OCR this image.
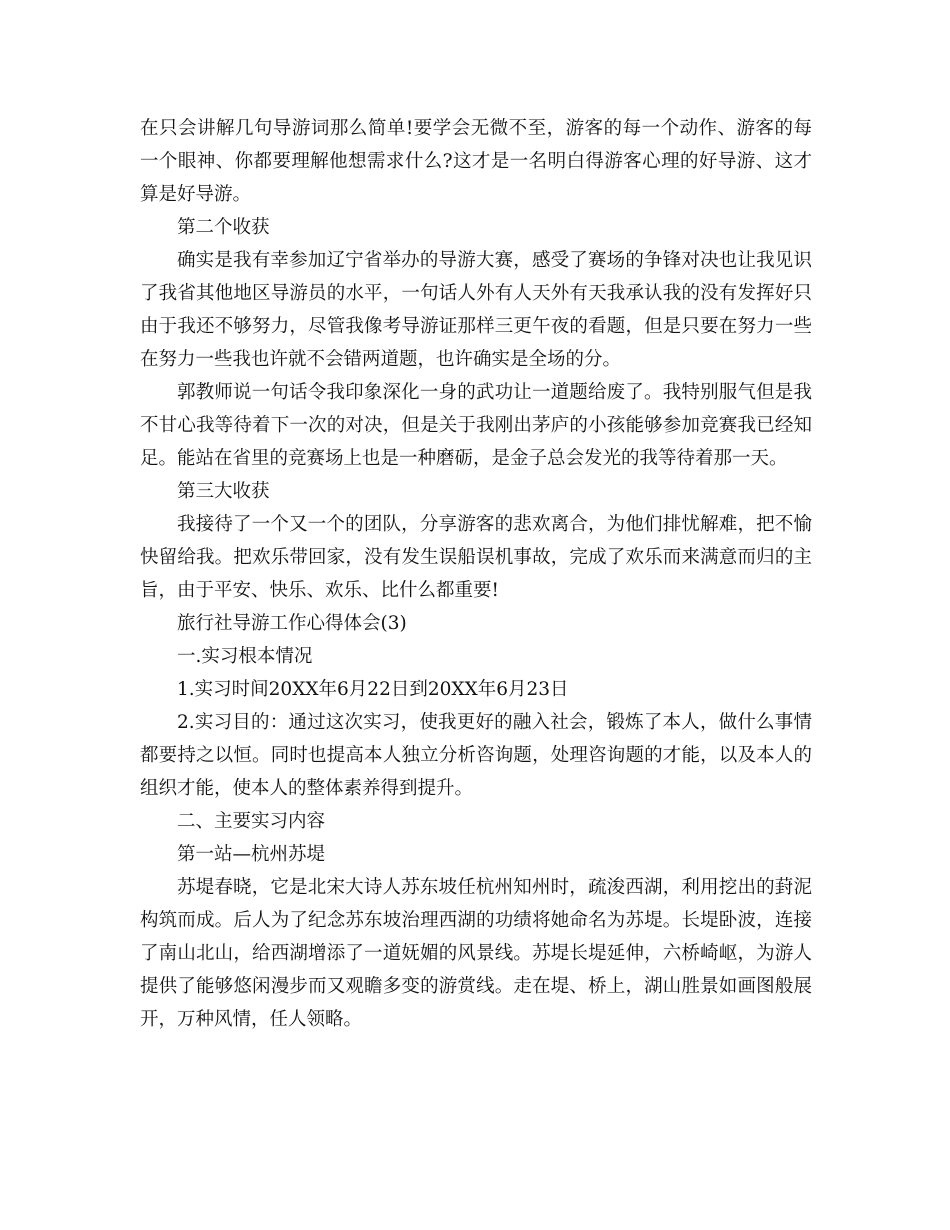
在只会讲解几句导游词那么简单!要学会无微不至，游客的每一个动作、游客的每一个眼神、你都要理解他想需求什么?这才是一名明白得游客心理的好导游、这才算是好导游。

第二个收获

确实是我有幸参加辽宁省举办的导游大赛，感受了赛场的争锋对决也让我见识了我省其他地区导游员的水平，一句话人外有人天外有天我承认我的没有发挥好只由于我还不够努力，尽管我像考导游证那样三更午夜的看题，但是只要在努力一些在努力一些我也许就不会错两道题，也许确实是全场的分。

郭教师说一句话令我印象深化一身的武功让一道题给废了。我特别服气但是我不甘心我等待着下一次的对决，但是关于我刚出茅庐的小孩能够参加竞赛我已经知足。能站在省里的竞赛场上也是一种磨砺，是金子总会发光的我等待着那一天。

第三大收获

我接待了一个又一个的团队，分享游客的悲欢离合，为他们排忧解难，把不愉快留给我。把欢乐带回家，没有发生误船误机事故，完成了欢乐而来满意而归的主旨，由于平安、快乐、欢乐、比什么都重要!

旅行社导游工作心得体会(3)

一.实习根本情况

1.实习时间20XX年6月22日到20XX年6月23日

2.实习目的：通过这次实习，使我更好的融入社会，锻炼了本人，做什么事情都要持之以恒。同时也提高本人独立分析咨询题，处理咨询题的才能，以及本人的组织才能，使本人的整体素养得到提升。

二、主要实习内容

第一站—杭州苏堤

苏堤春晓，它是北宋大诗人苏东坡任杭州知州时，疏浚西湖，利用挖出的葑泥构筑而成。后人为了纪念苏东坡治理西湖的功绩将她命名为苏堤。长堤卧波，连接了南山北山，给西湖增添了一道妩媚的风景线。苏堤长堤延伸，六桥崎岖，为游人提供了能够悠闲漫步而又观瞻多变的游赏线。走在堤、桥上，湖山胜景如画图般展开，万种风情，任人领略。
